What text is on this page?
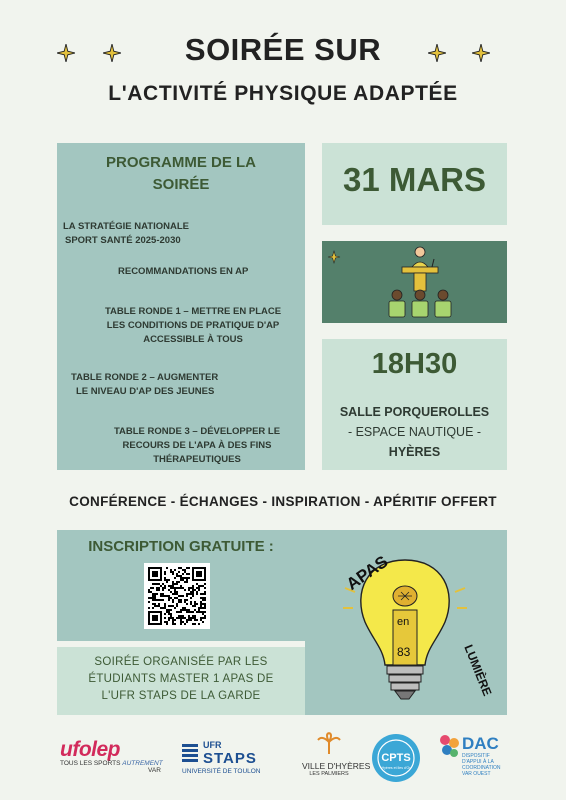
SOIRÉE SUR
L'ACTIVITÉ PHYSIQUE ADAPTÉE
PROGRAMME DE LA
SOIRÉE
LA STRATÉGIE NATIONALE
SPORT SANTÉ 2025-2030
RECOMMANDATIONS EN AP
TABLE RONDE 1 – METTRE EN PLACE
LES CONDITIONS DE PRATIQUE D'AP
ACCESSIBLE À TOUS
TABLE RONDE 2 – AUGMENTER
LE NIVEAU D'AP DES JEUNES
TABLE RONDE 3 – DÉVELOPPER LE
RECOURS DE L'APA À DES FINS
THÉRAPEUTIQUES
31 MARS
18H30
SALLE PORQUEROLLES
- ESPACE NAUTIQUE -
HYÈRES
CONFÉRENCE - ÉCHANGES - INSPIRATION - APÉRITIF OFFERT
INSCRIPTION GRATUITE :
SOIRÉE ORGANISÉE PAR LES
ÉTUDIANTS MASTER 1 APAS DE
L'UFR STAPS DE LA GARDE
APAS
en
83	LUMIÈRE
ufolep
TOUS LES SPORTS AUTREMENT
VAR
UFR
STAPS
UNIVERSITÉ DE TOULON
VILLE D'HYÈRES
LES PALMIERS
CPTS
Hyères et Iles d'Or
DAC
DISPOSITIF
D'APPUI À LA
COORDINATION
VAR OUEST
